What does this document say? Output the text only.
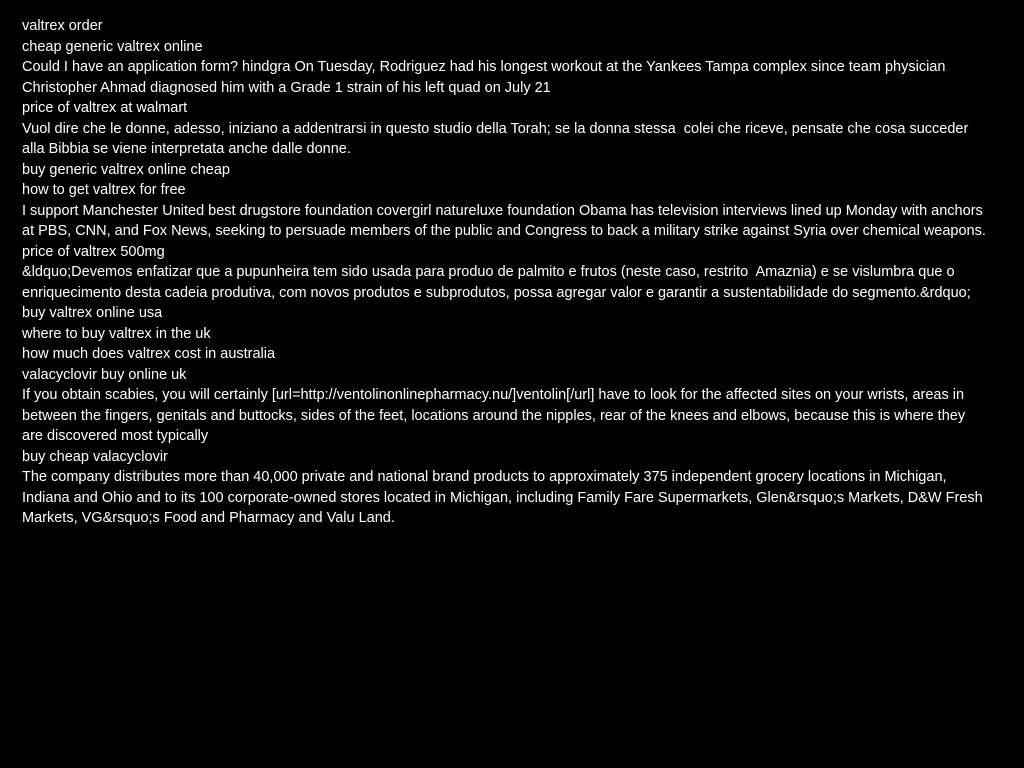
valtrex order

cheap generic valtrex online

Could I have an application form? hindgra On Tuesday, Rodriguez had his longest workout at the Yankees Tampa complex since team physician Christopher Ahmad diagnosed him with a Grade 1 strain of his left quad on July 21

price of valtrex at walmart

Vuol dire che le donne, adesso, iniziano a addentrarsi in questo studio della Torah; se la donna stessa  colei che riceve, pensate che cosa succeder alla Bibbia se viene interpretata anche dalle donne.

buy generic valtrex online cheap

how to get valtrex for free

I support Manchester United best drugstore foundation covergirl natureluxe foundation Obama has television interviews lined up Monday with anchors at PBS, CNN, and Fox News, seeking to persuade members of the public and Congress to back a military strike against Syria over chemical weapons.

price of valtrex 500mg

&ldquo;Devemos enfatizar que a pupunheira tem sido usada para produo de palmito e frutos (neste caso, restrito  Amaznia) e se vislumbra que o enriquecimento desta cadeia produtiva, com novos produtos e subprodutos, possa agregar valor e garantir a sustentabilidade do segmento.&rdquo;

buy valtrex online usa

where to buy valtrex in the uk

how much does valtrex cost in australia

valacyclovir buy online uk

If you obtain scabies, you will certainly [url=http://ventolinonlinepharmacy.nu/]ventolin[/url] have to look for the affected sites on your wrists, areas in between the fingers, genitals and buttocks, sides of the feet, locations around the nipples, rear of the knees and elbows, because this is where they are discovered most typically

buy cheap valacyclovir

The company distributes more than 40,000 private and national brand products to approximately 375 independent grocery locations in Michigan, Indiana and Ohio and to its 100 corporate-owned stores located in Michigan, including Family Fare Supermarkets, Glen&rsquo;s Markets, D&W Fresh Markets, VG&rsquo;s Food and Pharmacy and Valu Land.
